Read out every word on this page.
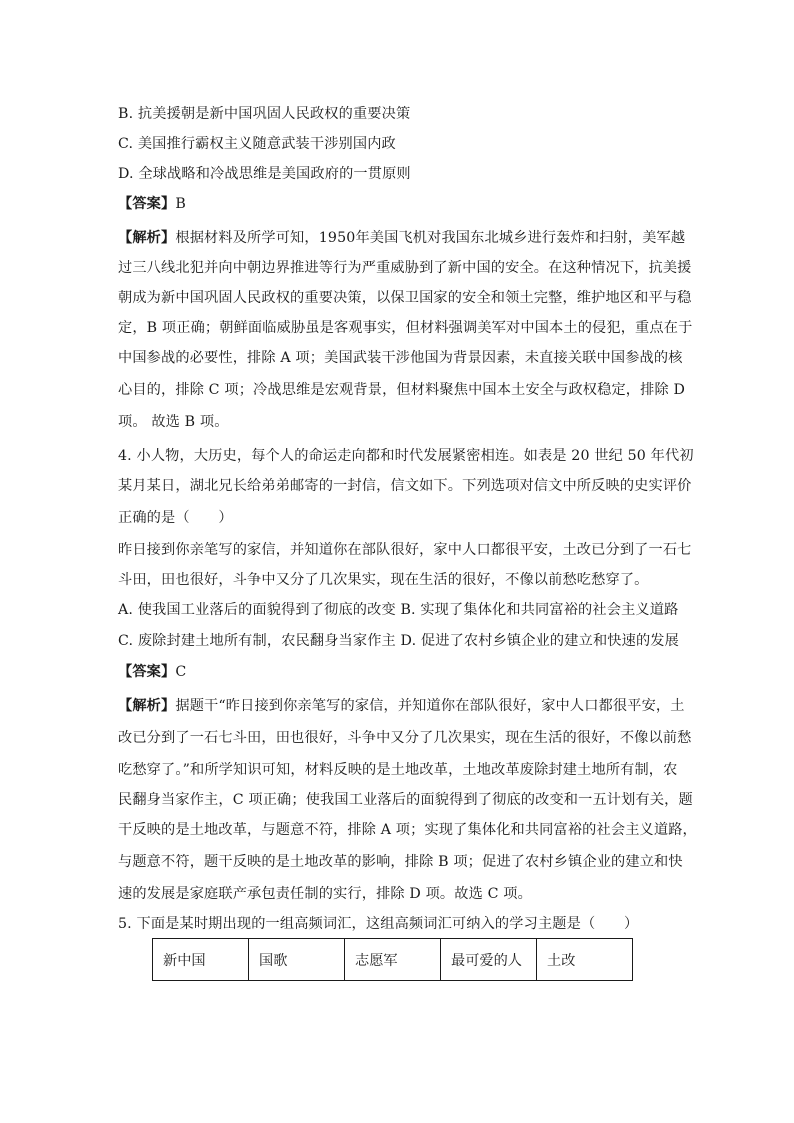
B. 抗美援朝是新中国巩固人民政权的重要决策
C. 美国推行霸权主义随意武装干涉别国内政
D. 全球战略和冷战思维是美国政府的一贯原则
【答案】B
【解析】根据材料及所学可知，1950年美国飞机对我国东北城乡进行轰炸和扫射，美军越
过三八线北犯并向中朝边界推进等行为严重威胁到了新中国的安全。在这种情况下，抗美援
朝成为新中国巩固人民政权的重要决策，以保卫国家的安全和领土完整，维护地区和平与稳
定，B 项正确；朝鲜面临威胁虽是客观事实，但材料强调美军对中国本土的侵犯，重点在于
中国参战的必要性，排除 A 项；美国武装干涉他国为背景因素，未直接关联中国参战的核
心目的，排除 C 项；冷战思维是宏观背景，但材料聚焦中国本土安全与政权稳定，排除 D
项。 故选 B 项。
4. 小人物，大历史，每个人的命运走向都和时代发展紧密相连。如表是 20 世纪 50 年代初
某月某日，湖北兄长给弟弟邮寄的一封信，信文如下。下列选项对信文中所反映的史实评价
正确的是（　　）
昨日接到你亲笔写的家信，并知道你在部队很好，家中人口都很平安，土改已分到了一石七
斗田，田也很好，斗争中又分了几次果实，现在生活的很好，不像以前愁吃愁穿了。
A. 使我国工业落后的面貌得到了彻底的改变 B. 实现了集体化和共同富裕的社会主义道路
C. 废除封建土地所有制，农民翻身当家作主 D. 促进了农村乡镇企业的建立和快速的发展
【答案】C
【解析】据题干“昨日接到你亲笔写的家信，并知道你在部队很好，家中人口都很平安，土
改已分到了一石七斗田，田也很好，斗争中又分了几次果实，现在生活的很好，不像以前愁
吃愁穿了。”和所学知识可知，材料反映的是土地改革，土地改革废除封建土地所有制，农
民翻身当家作主，C 项正确；使我国工业落后的面貌得到了彻底的改变和一五计划有关，题
干反映的是土地改革，与题意不符，排除 A 项；实现了集体化和共同富裕的社会主义道路，
与题意不符，题干反映的是土地改革的影响，排除 B 项；促进了农村乡镇企业的建立和快
速的发展是家庭联产承包责任制的实行，排除 D 项。故选 C 项。
5. 下面是某时期出现的一组高频词汇，这组高频词汇可纳入的学习主题是（　　）
新中国	国歌	志愿军	最可爱的人	土改
